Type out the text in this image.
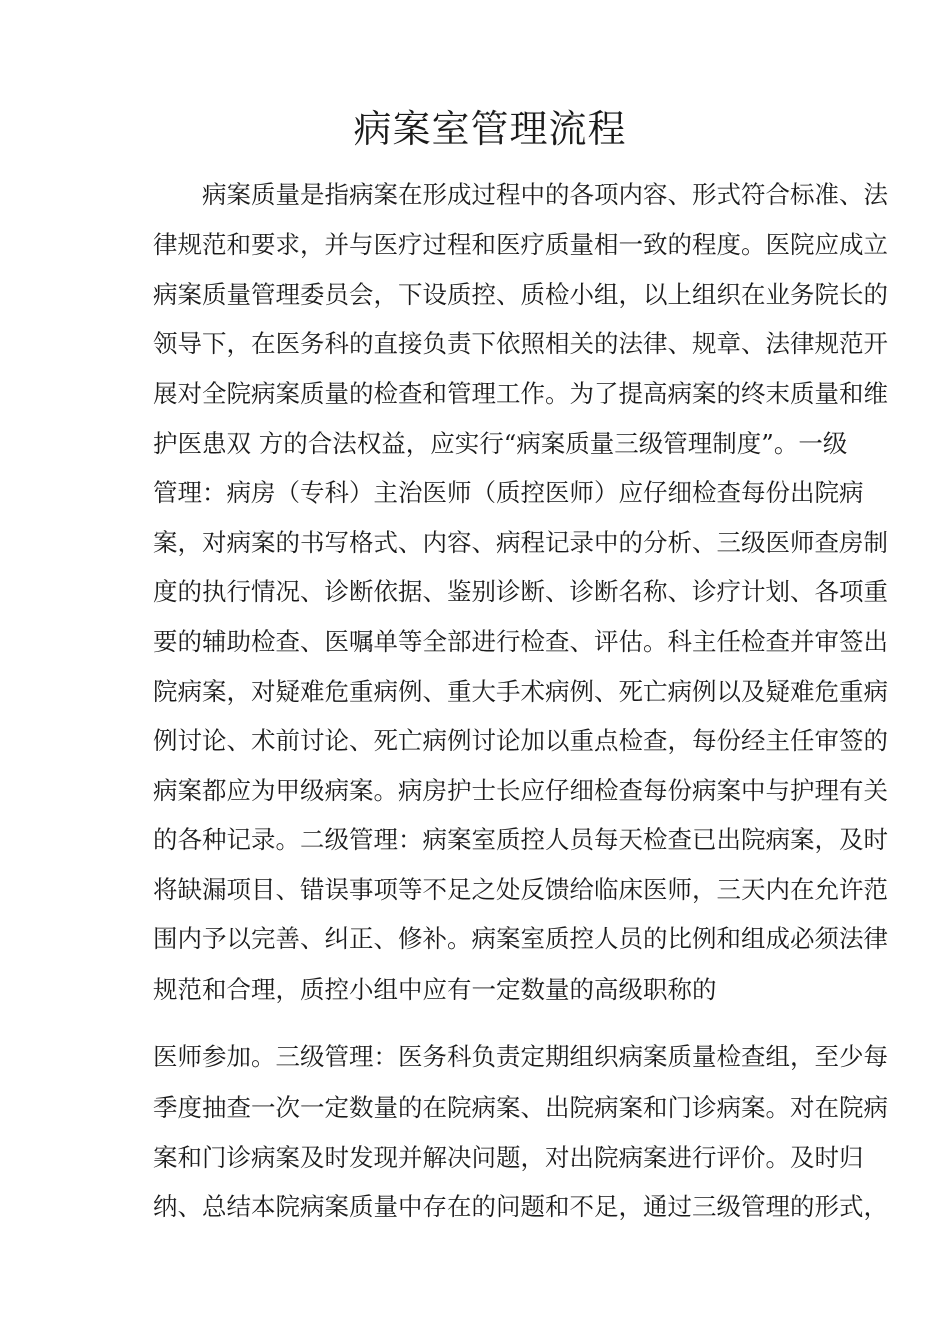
病案室管理流程

病案质量是指病案在形成过程中的各项内容、形式符合标准、法

律规范和要求，并与医疗过程和医疗质量相一致的程度。医院应成立

病案质量管理委员会，下设质控、质检小组，以上组织在业务院长的

领导下，在医务科的直接负责下依照相关的法律、规章、法律规范开

展对全院病案质量的检查和管理工作。为了提高病案的终末质量和维

护医患双 方的合法权益，应实行“病案质量三级管理制度”。一级

管理：病房（专科）主治医师（质控医师）应仔细检查每份出院病

案，对病案的书写格式、内容、病程记录中的分析、三级医师查房制

度的执行情况、诊断依据、鉴别诊断、诊断名称、诊疗计划、各项重

要的辅助检查、医嘱单等全部进行检查、评估。科主任检查并审签出

院病案，对疑难危重病例、重大手术病例、死亡病例以及疑难危重病

例讨论、术前讨论、死亡病例讨论加以重点检查，每份经主任审签的

病案都应为甲级病案。病房护士长应仔细检查每份病案中与护理有关

的各种记录。二级管理：病案室质控人员每天检查已出院病案，及时

将缺漏项目、错误事项等不足之处反馈给临床医师，三天内在允许范

围内予以完善、纠正、修补。病案室质控人员的比例和组成必须法律

规范和合理，质控小组中应有一定数量的高级职称的

医师参加。三级管理：医务科负责定期组织病案质量检查组，至少每

季度抽查一次一定数量的在院病案、出院病案和门诊病案。对在院病

案和门诊病案及时发现并解决问题，对出院病案进行评价。及时归

纳、总结本院病案质量中存在的问题和不足，通过三级管理的形式，
